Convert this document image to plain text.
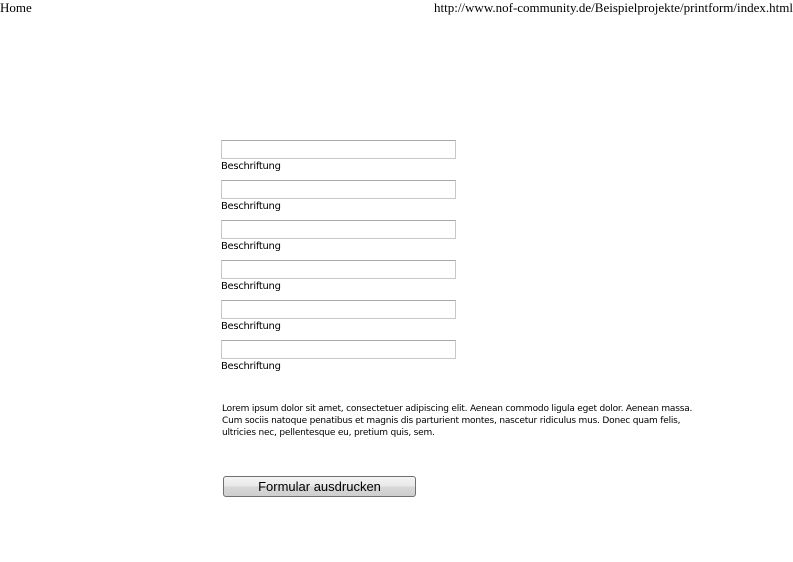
Home	http://www.nof-community.de/Beispielprojekte/printform/index.html
Beschriftung
Beschriftung
Beschriftung
Beschriftung
Beschriftung
Beschriftung

Lorem ipsum dolor sit amet, consectetuer adipiscing elit. Aenean commodo ligula eget dolor. Aenean massa. Cum sociis natoque penatibus et magnis dis parturient montes, nascetur ridiculus mus. Donec quam felis, ultricies nec, pellentesque eu, pretium quis, sem.

Formular ausdrucken
